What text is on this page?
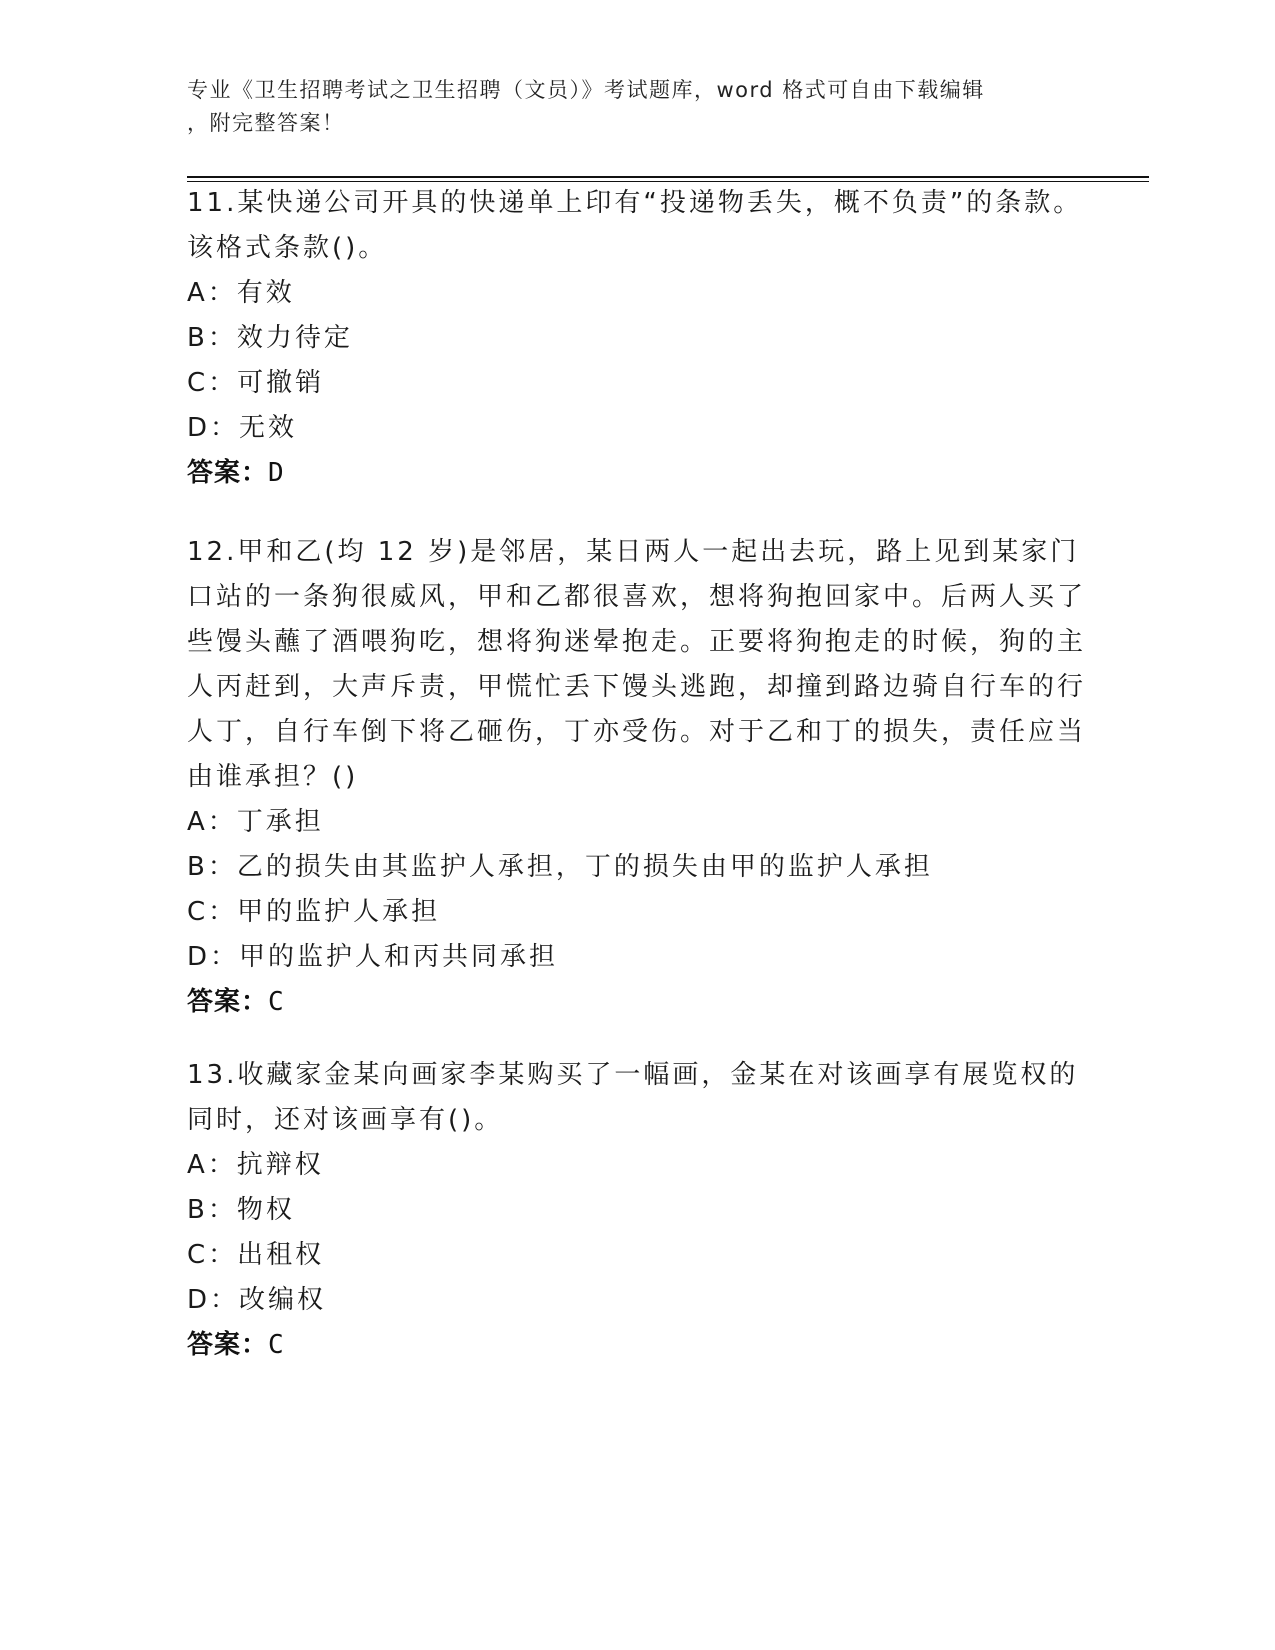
专业《卫生招聘考试之卫生招聘（文员）》考试题库，word 格式可自由下载编辑
，附完整答案！

11.某快递公司开具的快递单上印有“投递物丢失，概不负责”的条款。该格式条款()。

A：有效

B：效力待定

C：可撤销

D：无效

答案：D

12.甲和乙(均 12 岁)是邻居，某日两人一起出去玩，路上见到某家门口站的一条狗很威风，甲和乙都很喜欢，想将狗抱回家中。后两人买了些馒头蘸了酒喂狗吃，想将狗迷晕抱走。正要将狗抱走的时候，狗的主人丙赶到，大声斥责，甲慌忙丢下馒头逃跑，却撞到路边骑自行车的行人丁，自行车倒下将乙砸伤，丁亦受伤。对于乙和丁的损失，责任应当由谁承担？()

A：丁承担

B：乙的损失由其监护人承担，丁的损失由甲的监护人承担

C：甲的监护人承担

D：甲的监护人和丙共同承担

答案：C

13.收藏家金某向画家李某购买了一幅画，金某在对该画享有展览权的同时，还对该画享有()。

A：抗辩权

B：物权

C：出租权

D：改编权

答案：C
